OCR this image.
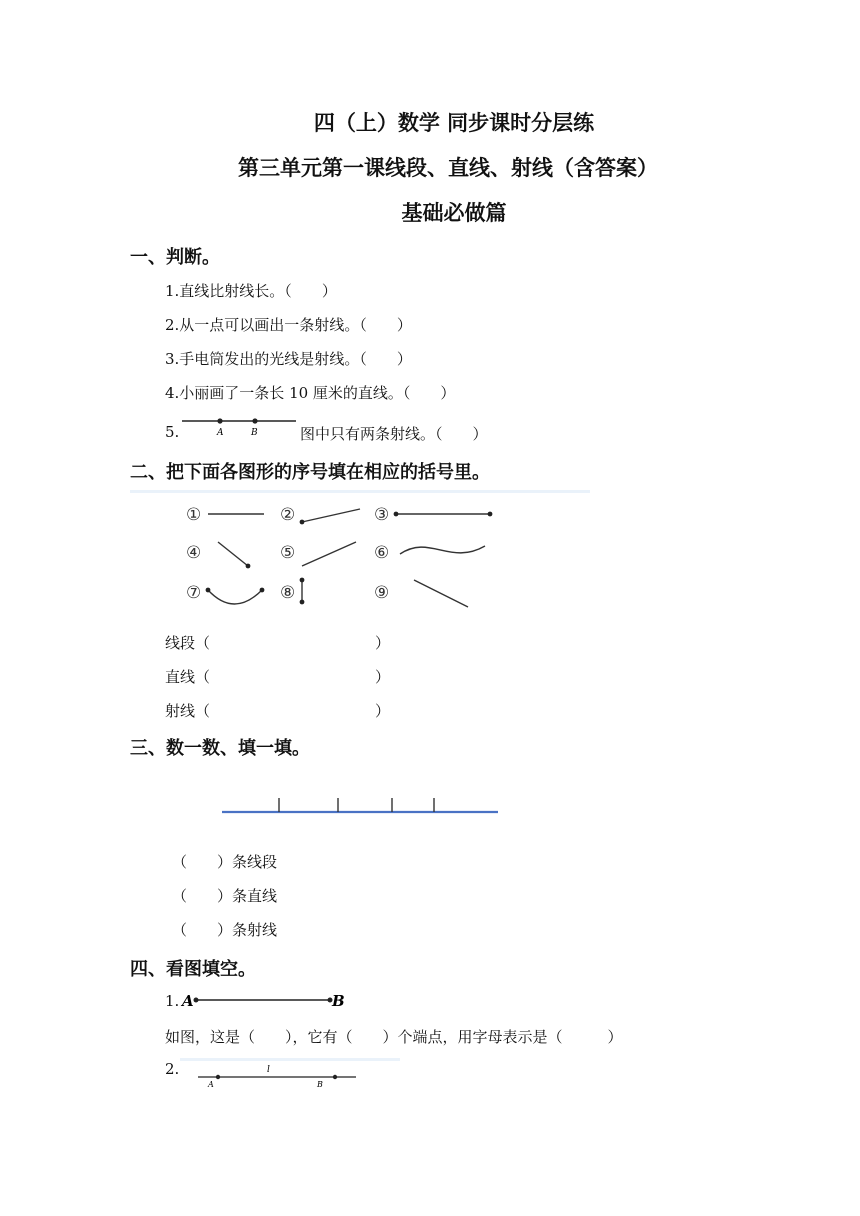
四（上）数学 同步课时分层练
第三单元第一课线段、直线、射线（含答案）
基础必做篇
一、判断。
1.直线比射线长。（　　）
2.从一点可以画出一条射线。（　　）
3.手电筒发出的光线是射线。（　　）
4.小丽画了一条长 10 厘米的直线。（　　）
5.	A	B	图中只有两条射线。（　　）
二、把下面各图形的序号填在相应的括号里。
①	②	③
④	⑤	⑥
⑦	⑧	⑨
线段（　　　　　　　　　　　）
直线（　　　　　　　　　　　）
射线（　　　　　　　　　　　）
三、数一数、填一填。
（　　）条线段
（　　）条直线
（　　）条射线
四、看图填空。
1. A	B
如图，这是（　　），它有（　　）个端点，用字母表示是（　　　）
2.	l
A	B
